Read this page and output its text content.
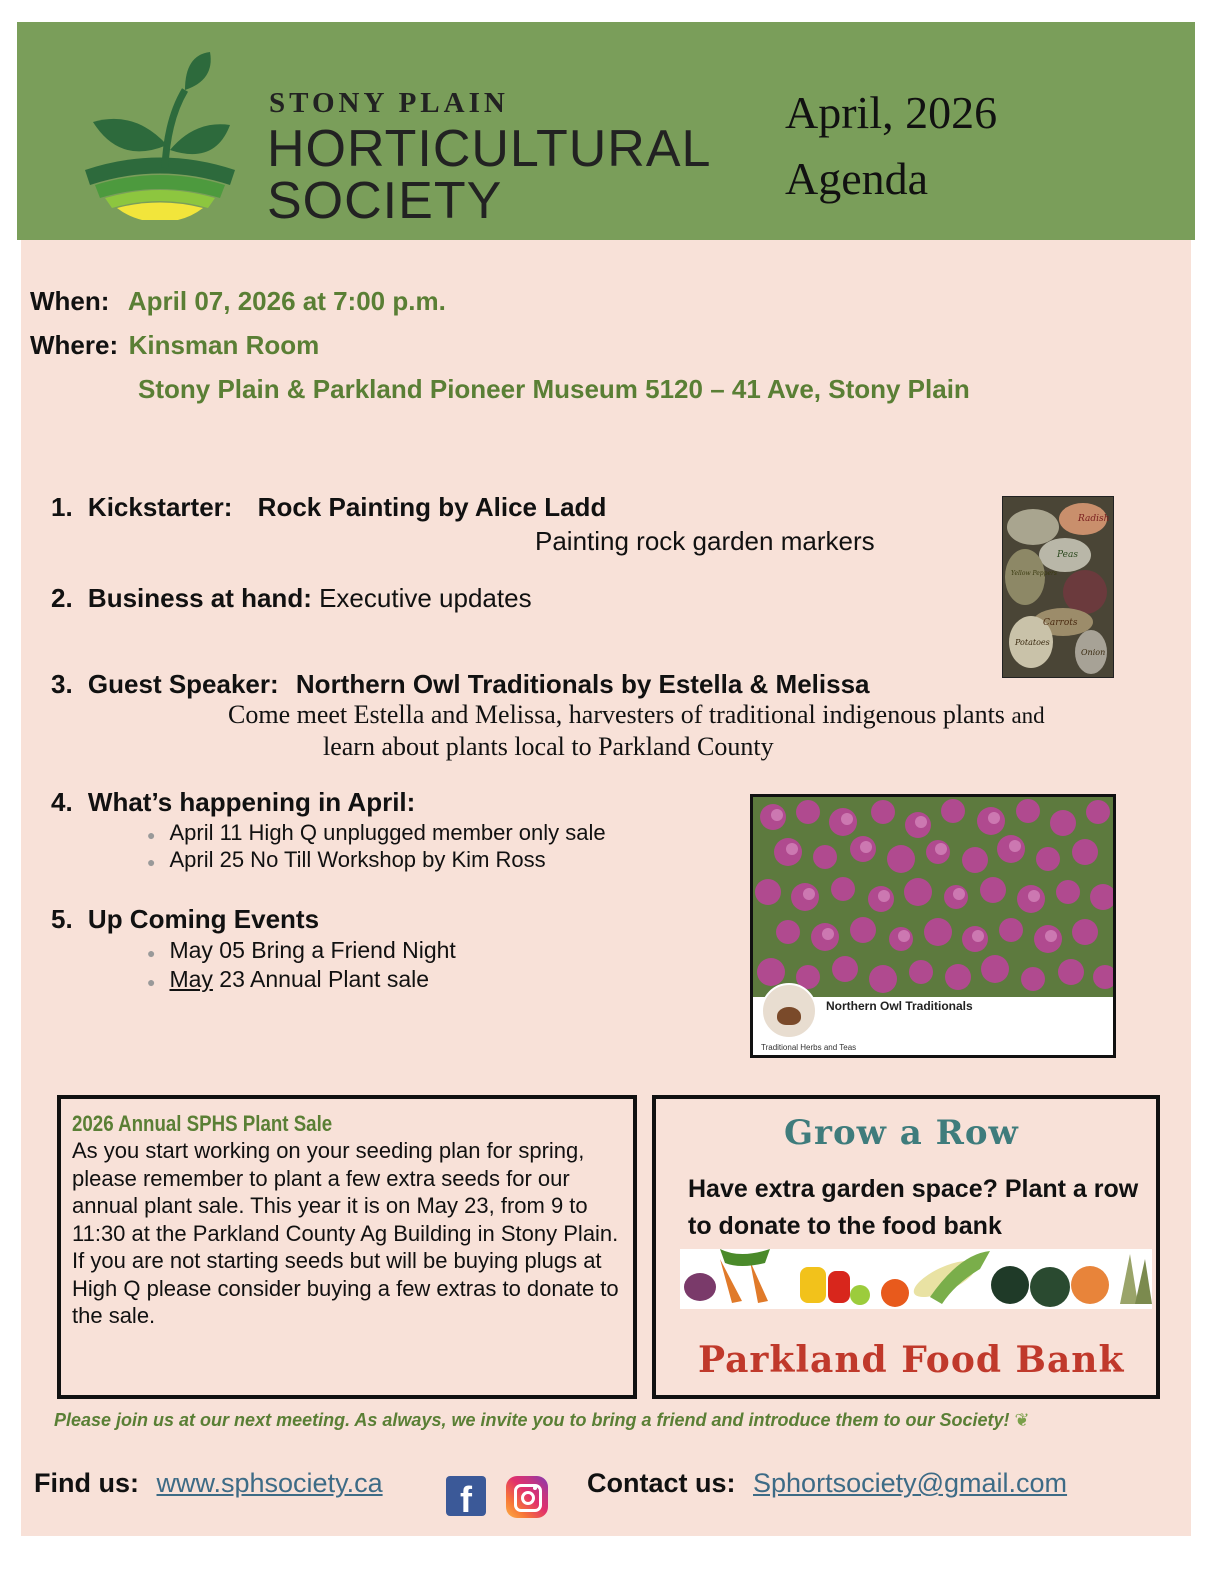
STONY PLAIN
HORTICULTURAL
SOCIETY
April, 2026
Agenda
When: April 07, 2026 at 7:00 p.m.
Where: Kinsman Room
Stony Plain & Parkland Pioneer Museum 5120 – 41 Ave, Stony Plain
1. Kickstarter: Rock Painting by Alice Ladd
Painting rock garden markers
Radish
Peas
Yellow Peppers
Carrots
Potatoes
Onion
2. Business at hand: Executive updates
3. Guest Speaker: Northern Owl Traditionals by Estella & Melissa
Come meet Estella and Melissa, harvesters of traditional indigenous plants and
learn about plants local to Parkland County
4. What’s happening in April:
● April 11 High Q unplugged member only sale
● April 25 No Till Workshop by Kim Ross
5. Up Coming Events
● May 05 Bring a Friend Night
● May 23 Annual Plant sale
Northern Owl Traditionals
Traditional Herbs and Teas
2026 Annual SPHS Plant Sale
As you start working on your seeding plan for spring, please remember to plant a few extra seeds for our annual plant sale. This year it is on May 23, from 9 to 11:30 at the Parkland County Ag Building in Stony Plain. If you are not starting seeds but will be buying plugs at High Q please consider buying a few extras to donate to the sale.
Grow a Row
Have extra garden space? Plant a row to donate to the food bank
Parkland Food Bank
Please join us at our next meeting. As always, we invite you to bring a friend and introduce them to our Society! ❦
Find us: www.sphsociety.ca f	Contact us: Sphortsociety@gmail.com
